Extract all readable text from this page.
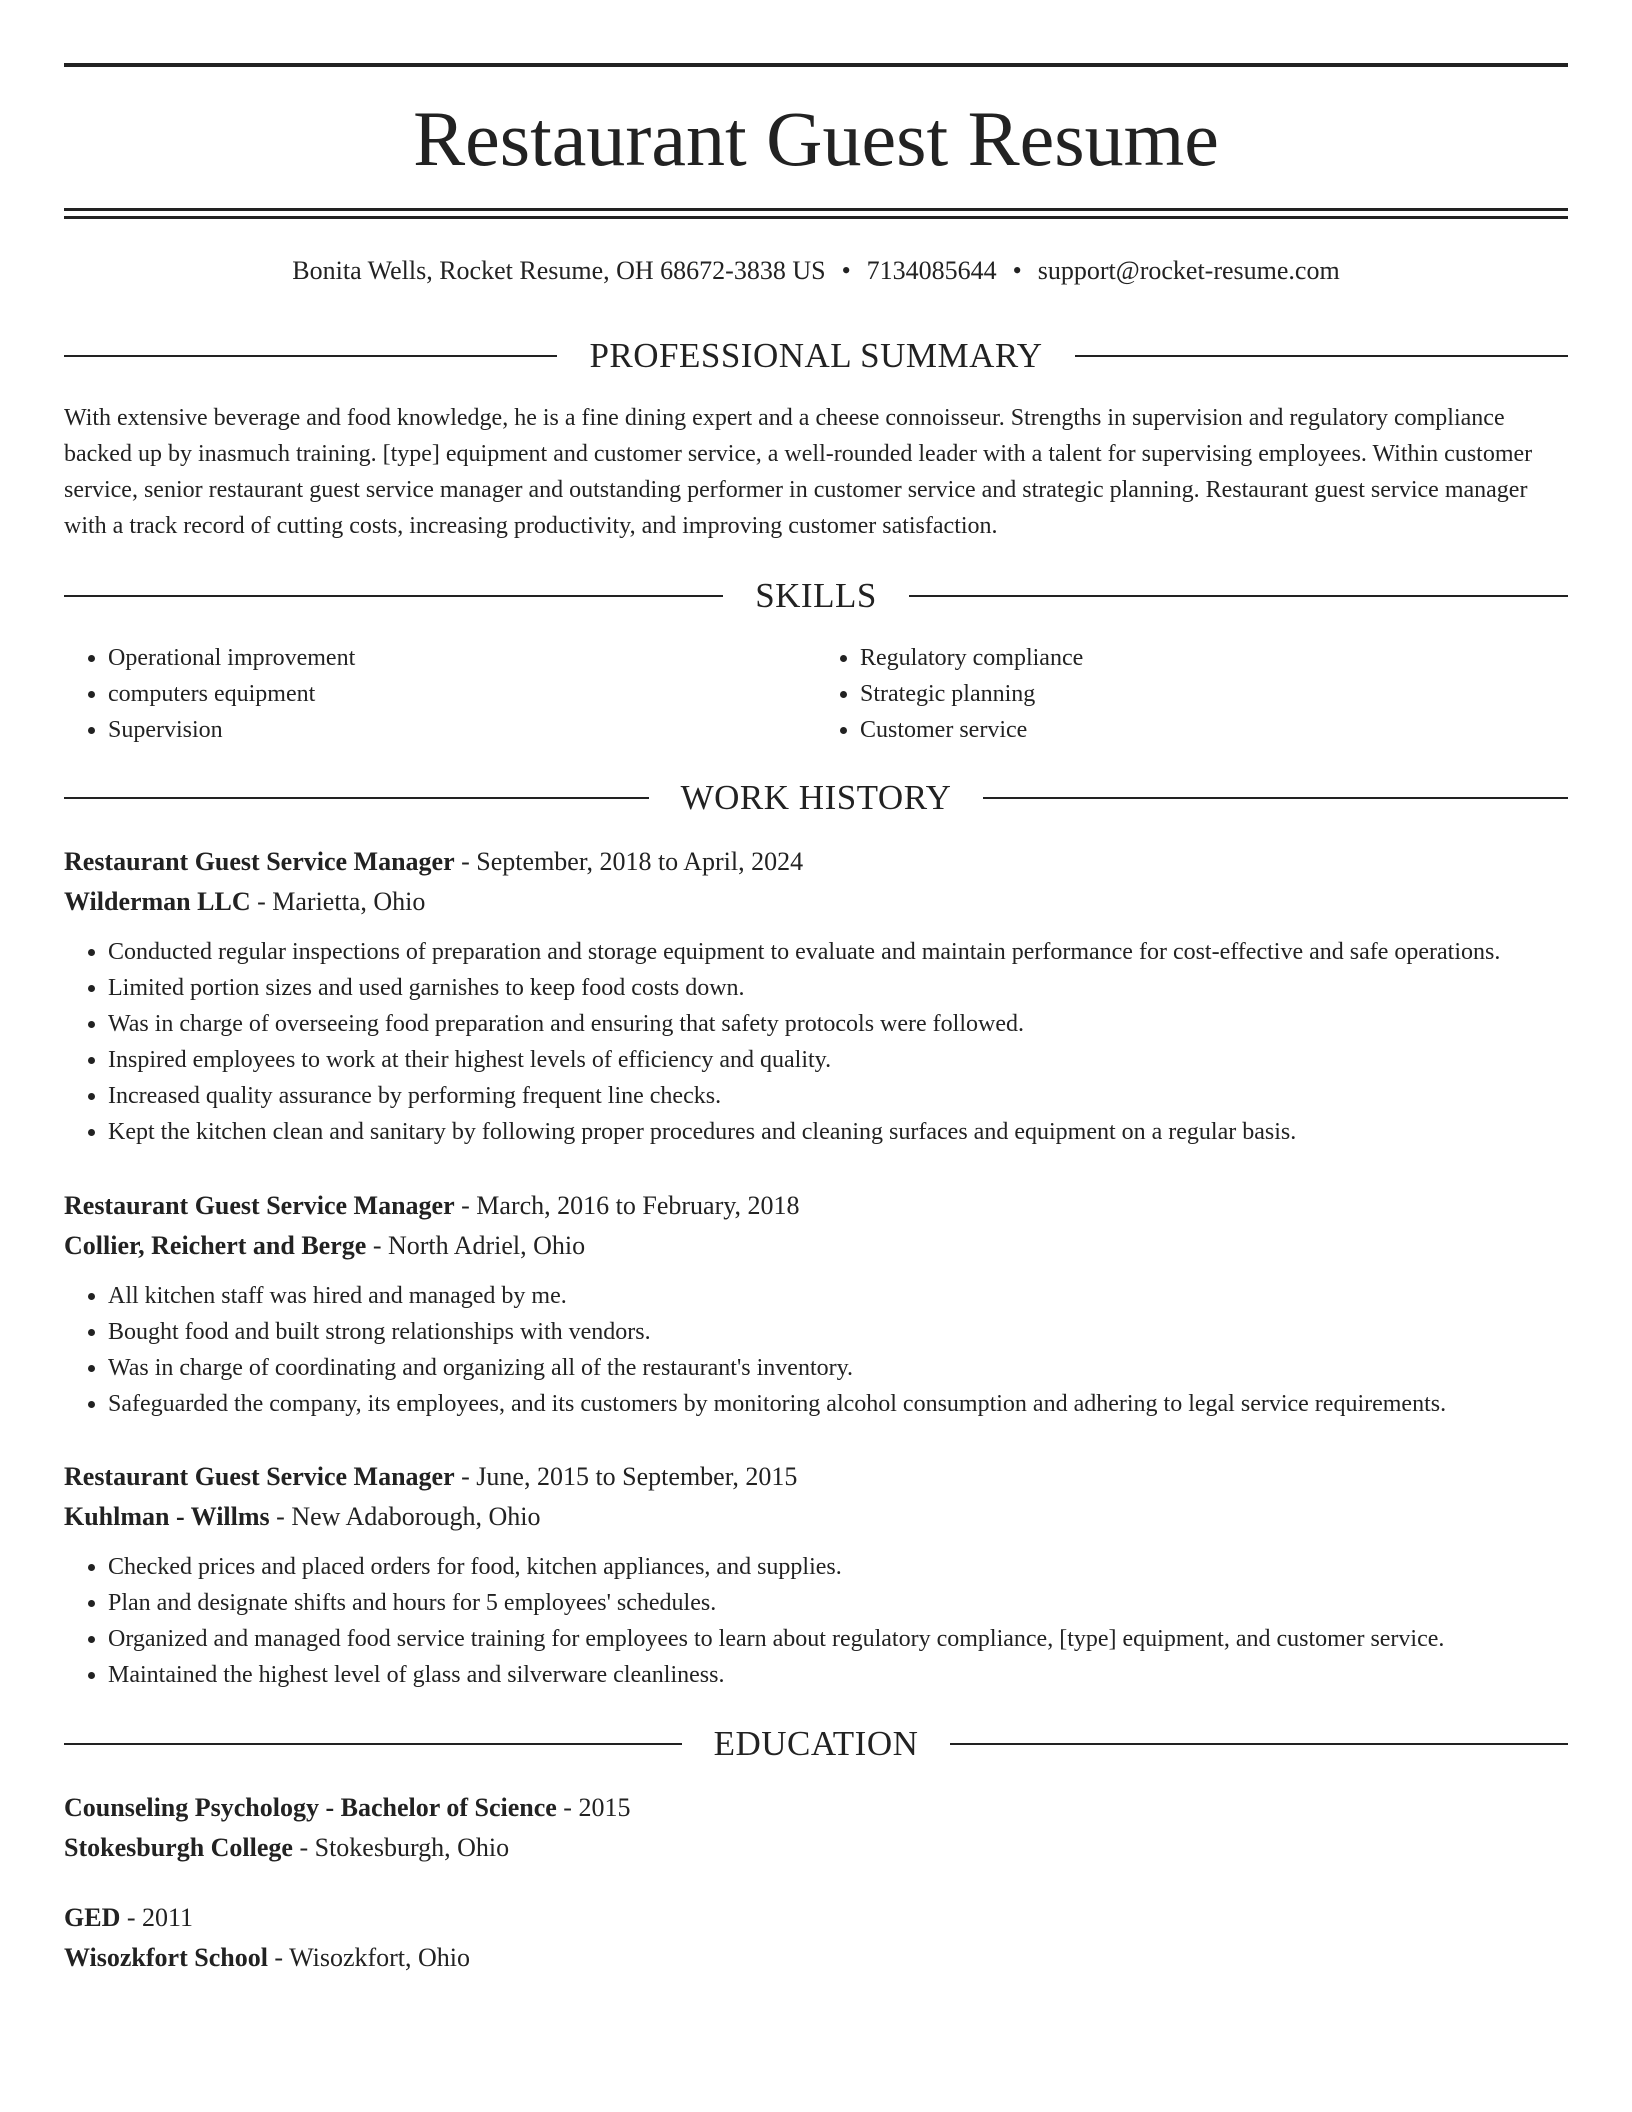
Restaurant Guest Resume
Bonita Wells, Rocket Resume, OH 68672-3838 US • 7134085644 • support@rocket-resume.com
PROFESSIONAL SUMMARY

With extensive beverage and food knowledge, he is a fine dining expert and a cheese connoisseur. Strengths in supervision and regulatory compliance backed up by inasmuch training. [type] equipment and customer service, a well-rounded leader with a talent for supervising employees. Within customer service, senior restaurant guest service manager and outstanding performer in customer service and strategic planning. Restaurant guest service manager with a track record of cutting costs, increasing productivity, and improving customer satisfaction.

SKILLS
• Operational improvement
• computers equipment
• Supervision
• Regulatory compliance
• Strategic planning
• Customer service
WORK HISTORY
Restaurant Guest Service Manager - September, 2018 to April, 2024
Wilderman LLC - Marietta, Ohio
• Conducted regular inspections of preparation and storage equipment to evaluate and maintain performance for cost-effective and safe operations.
• Limited portion sizes and used garnishes to keep food costs down.
• Was in charge of overseeing food preparation and ensuring that safety protocols were followed.
• Inspired employees to work at their highest levels of efficiency and quality.
• Increased quality assurance by performing frequent line checks.
• Kept the kitchen clean and sanitary by following proper procedures and cleaning surfaces and equipment on a regular basis.
Restaurant Guest Service Manager - March, 2016 to February, 2018
Collier, Reichert and Berge - North Adriel, Ohio
• All kitchen staff was hired and managed by me.
• Bought food and built strong relationships with vendors.
• Was in charge of coordinating and organizing all of the restaurant's inventory.
• Safeguarded the company, its employees, and its customers by monitoring alcohol consumption and adhering to legal service requirements.
Restaurant Guest Service Manager - June, 2015 to September, 2015
Kuhlman - Willms - New Adaborough, Ohio
• Checked prices and placed orders for food, kitchen appliances, and supplies.
• Plan and designate shifts and hours for 5 employees' schedules.
• Organized and managed food service training for employees to learn about regulatory compliance, [type] equipment, and customer service.
• Maintained the highest level of glass and silverware cleanliness.
EDUCATION
Counseling Psychology - Bachelor of Science - 2015
Stokesburgh College - Stokesburgh, Ohio
GED - 2011
Wisozkfort School - Wisozkfort, Ohio
